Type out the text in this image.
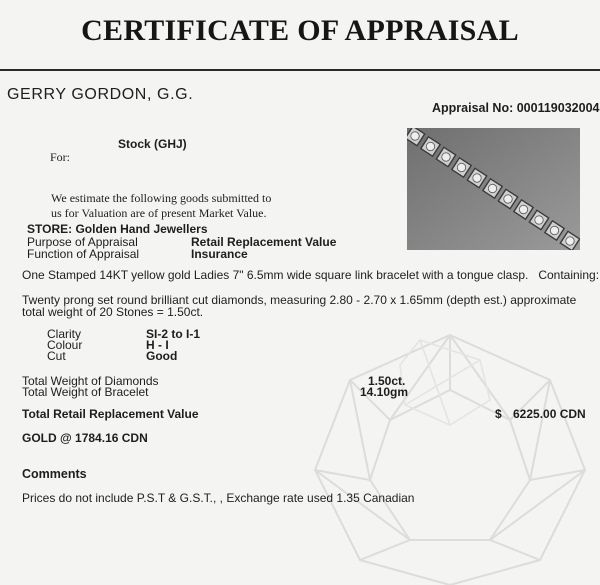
CERTIFICATE OF APPRAISAL
GERRY GORDON, G.G.
Appraisal No: 000119032004
Stock (GHJ)
For:
We estimate the following goods submitted to
us for Valuation are of present Market Value.
STORE: Golden Hand Jewellers
Purpose of Appraisal	Retail Replacement Value
Function of Appraisal	Insurance
One Stamped 14KT yellow gold Ladies 7" 6.5mm wide square link bracelet with a tongue clasp.   Containing:
Twenty prong set round brilliant cut diamonds, measuring 2.80 - 2.70 x 1.65mm (depth est.) approximate
total weight of 20 Stones = 1.50ct.
Clarity	SI-2 to I-1
Colour	H - I
Cut	Good
Total Weight of Diamonds	1.50ct.
Total Weight of Bracelet	14.10gm
Total Retail Replacement Value	$ 6225.00 CDN
GOLD @ 1784.16 CDN
Comments
Prices do not include P.S.T & G.S.T., , Exchange rate used 1.35 Canadian
